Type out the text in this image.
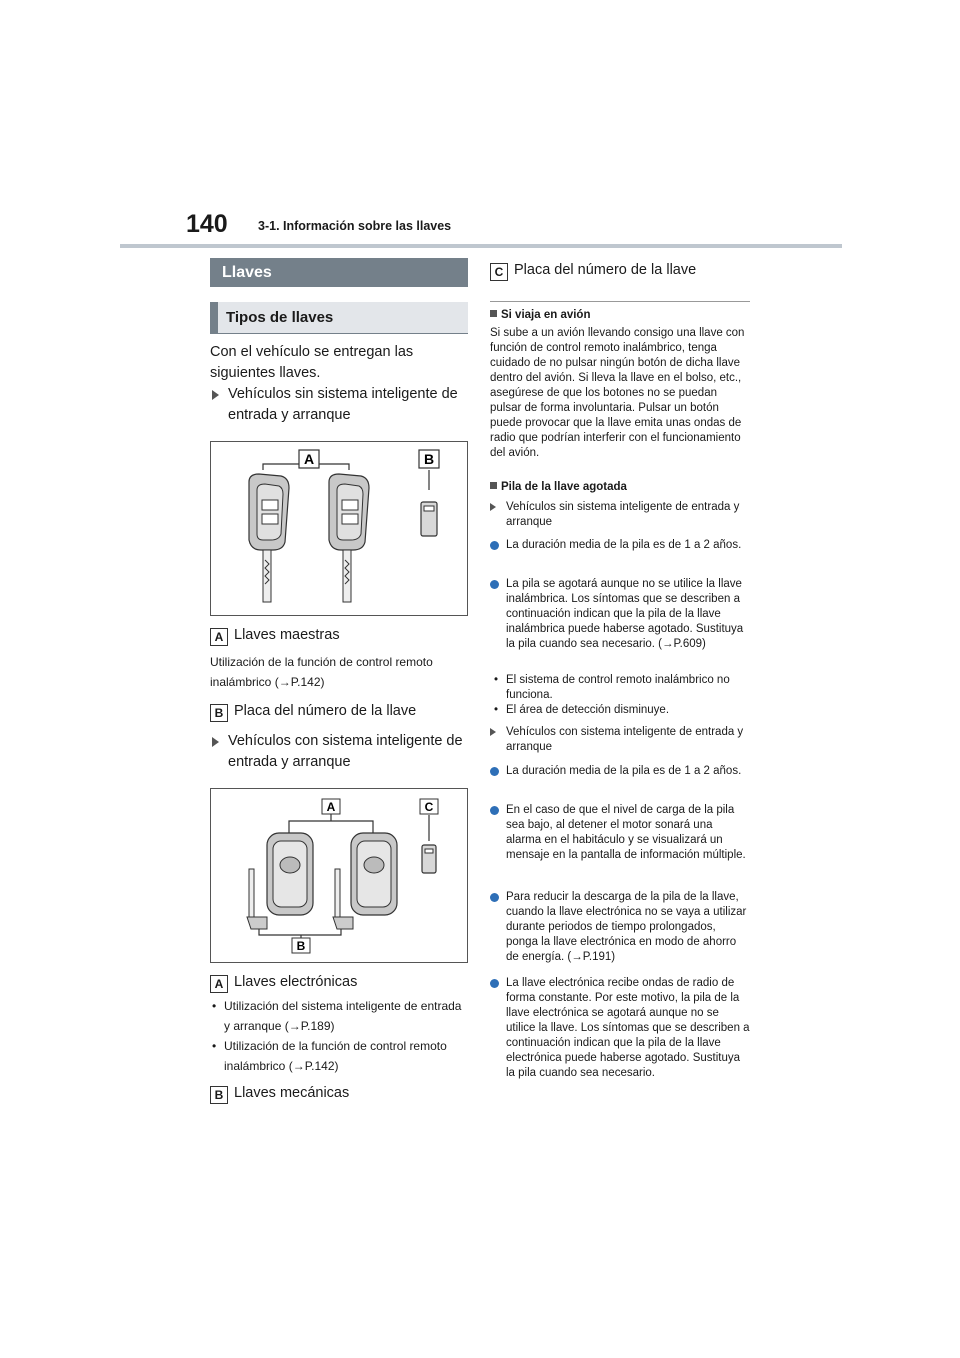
140 3-1. Información sobre las llaves
Llaves
Tipos de llaves
Con el vehículo se entregan las siguientes llaves.
Vehículos sin sistema inteligente de entrada y arranque
A	B
A Llaves maestras
Utilización de la función de control remoto inalámbrico (→P.142)
B Placa del número de la llave
Vehículos con sistema inteligente de entrada y arranque
A	C
B
A Llaves electrónicas
• Utilización del sistema inteligente de entrada y arranque (→P.189)
• Utilización de la función de control remoto inalámbrico (→P.142)
B Llaves mecánicas
C Placa del número de la llave
Si viaja en avión
Si sube a un avión llevando consigo una llave con función de control remoto inalámbrico, tenga cuidado de no pulsar ningún botón de dicha llave dentro del avión. Si lleva la llave en el bolso, etc., asegúrese de que los botones no se puedan pulsar de forma involuntaria. Pulsar un botón puede provocar que la llave emita unas ondas de radio que podrían interferir con el funcionamiento del avión.
Pila de la llave agotada
Vehículos sin sistema inteligente de entrada y arranque
La duración media de la pila es de 1 a 2 años.
La pila se agotará aunque no se utilice la llave inalámbrica. Los síntomas que se describen a continuación indican que la pila de la llave inalámbrica puede haberse agotado. Sustituya la pila cuando sea necesario. (→P.609)
• El sistema de control remoto inalámbrico no funciona.
• El área de detección disminuye.
Vehículos con sistema inteligente de entrada y arranque
La duración media de la pila es de 1 a 2 años.
En el caso de que el nivel de carga de la pila sea bajo, al detener el motor sonará una alarma en el habitáculo y se visualizará un mensaje en la pantalla de información múltiple.
Para reducir la descarga de la pila de la llave, cuando la llave electrónica no se vaya a utilizar durante periodos de tiempo prolongados, ponga la llave electrónica en modo de ahorro de energía. (→P.191)
La llave electrónica recibe ondas de radio de forma constante. Por este motivo, la pila de la llave electrónica se agotará aunque no se utilice la llave. Los síntomas que se describen a continuación indican que la pila de la llave electrónica puede haberse agotado. Sustituya la pila cuando sea necesario.
